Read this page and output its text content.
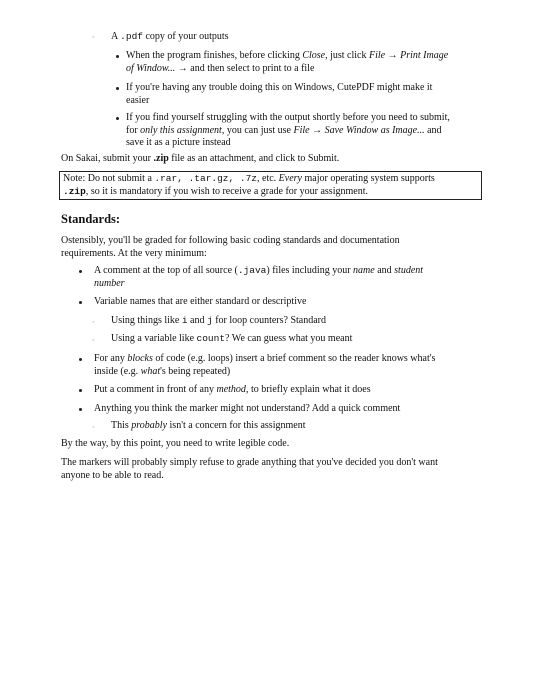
◦ A .pdf copy of your outputs

When the program finishes, before clicking Close, just click File → Print Image
of Window... → and then select to print to a file

If you're having any trouble doing this on Windows, CutePDF might make it
easier

If you find yourself struggling with the output shortly before you need to submit,
for only this assignment, you can just use File → Save Window as Image... and
save it as a picture instead

On Sakai, submit your .zip file as an attachment, and click to Submit.

Note: Do not submit a .rar, .tar.gz, .7z, etc. Every major operating system supports
.zip, so it is mandatory if you wish to receive a grade for your assignment.
Standards:

Ostensibly, you'll be graded for following basic coding standards and documentation
requirements. At the very minimum:

A comment at the top of all source (.java) files including your name and student
number

Variable names that are either standard or descriptive

◦ Using things like i and j for loop counters? Standard

◦ Using a variable like count? We can guess what you meant

For any blocks of code (e.g. loops) insert a brief comment so the reader knows what's
inside (e.g. what's being repeated)

Put a comment in front of any method, to briefly explain what it does

Anything you think the marker might not understand? Add a quick comment

◦ This probably isn't a concern for this assignment

By the way, by this point, you need to write legible code.

The markers will probably simply refuse to grade anything that you've decided you don't want
anyone to be able to read.
